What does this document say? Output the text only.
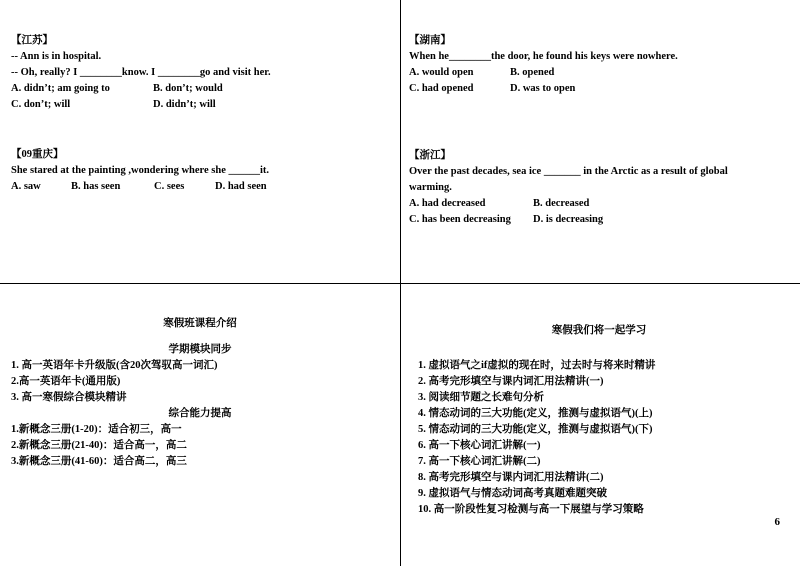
【江苏】
-- Ann is in hospital.
-- Oh, really? I ________know. I ________go and visit her.
A. didn’t; am going to	B. don’t; would
C. don’t; will	D. didn’t; will
【湖南】
When he________the door, he found his keys were nowhere.
A. would open	B. opened
C. had opened	D. was to open
【09重庆】
She stared at the painting ,wondering where she ______it.
A. saw	B. has seen	C. sees	D. had seen
【浙江】
Over the past decades, sea ice _______ in the Arctic as a result of global
warming.
A. had decreased	B. decreased
C. has been decreasing D. is decreasing
寒假班课程介绍
学期模块同步
1. 高一英语年卡升级版(含20次驾驭高一词汇)
2.高一英语年卡(通用版)
3. 高一寒假综合模块精讲
综合能力提高
1.新概念三册(1-20)：适合初三，高一
2.新概念三册(21-40)：适合高一，高二
3.新概念三册(41-60)：适合高二，高三
寒假我们将一起学习
1. 虚拟语气之if虚拟的现在时，过去时与将来时精讲
2. 高考完形填空与课内词汇用法精讲(一)
3. 阅读细节题之长难句分析
4. 情态动词的三大功能(定义，推测与虚拟语气)(上)
5. 情态动词的三大功能(定义，推测与虚拟语气)(下)
6. 高一下核心词汇讲解(一)
7. 高一下核心词汇讲解(二)
8. 高考完形填空与课内词汇用法精讲(二)
9. 虚拟语气与情态动词高考真题难题突破
10. 高一阶段性复习检测与高一下展望与学习策略
6
